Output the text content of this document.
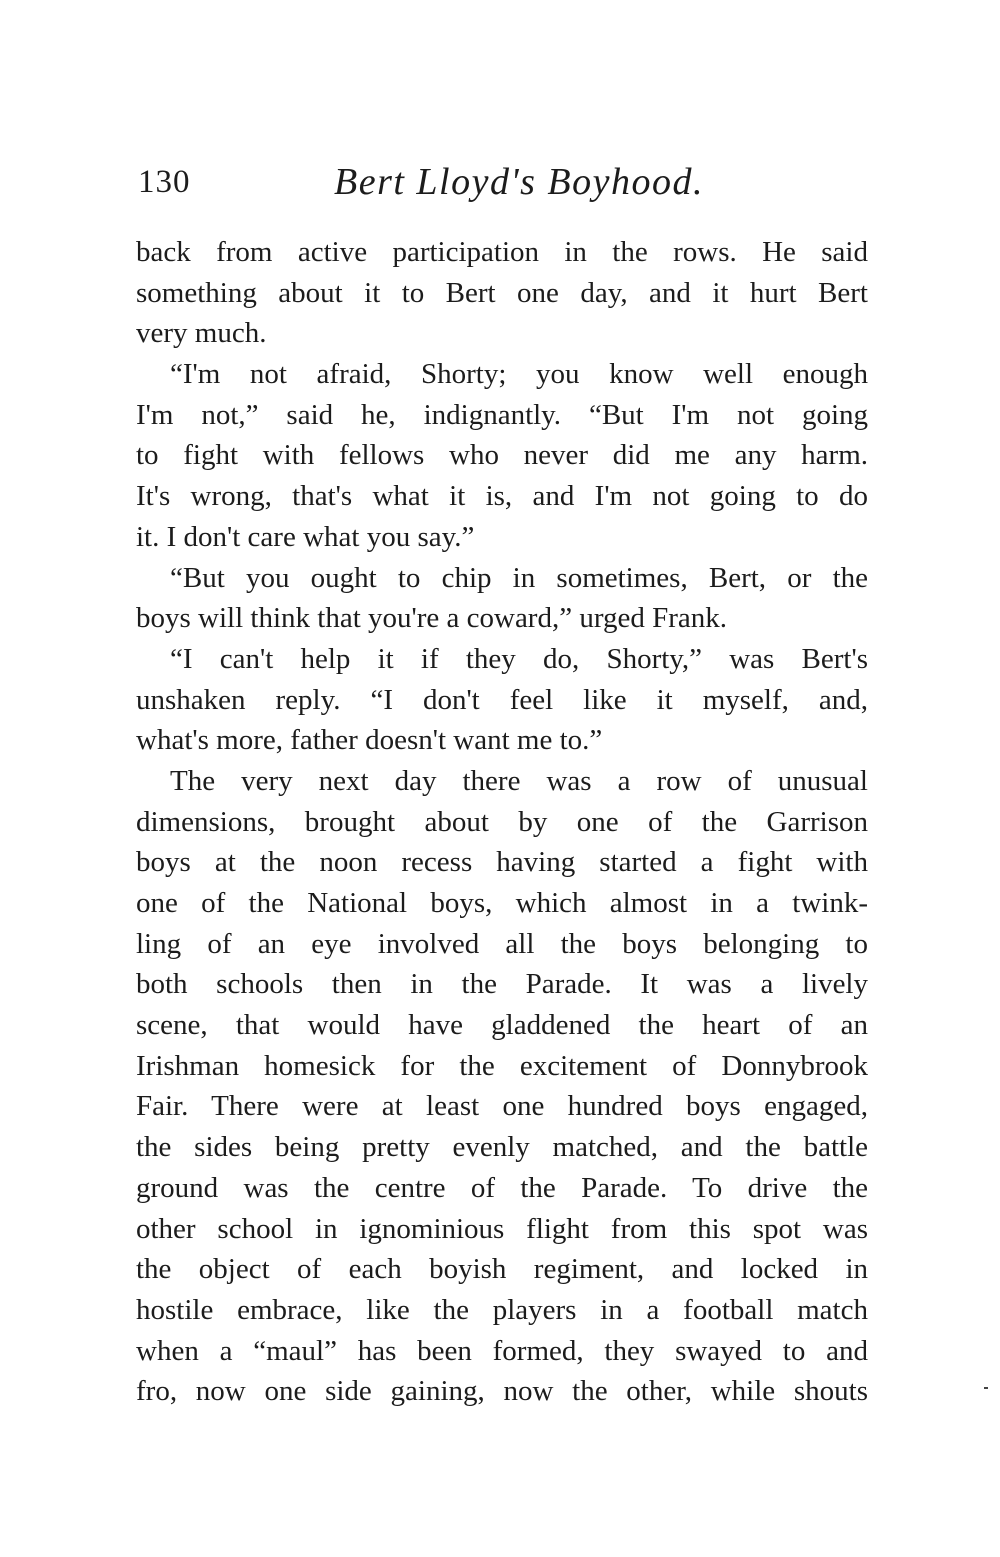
130	Bert Lloyd's Boyhood.
back from active participation in the rows. He said
something about it to Bert one day, and it hurt Bert
very much.
“I'm not afraid, Shorty; you know well enough
I'm not,” said he, indignantly. “But I'm not going
to fight with fellows who never did me any harm.
It's wrong, that's what it is, and I'm not going to do
it. I don't care what you say.”
“But you ought to chip in sometimes, Bert, or the
boys will think that you're a coward,” urged Frank.
“I can't help it if they do, Shorty,” was Bert's
unshaken reply. “I don't feel like it myself, and,
what's more, father doesn't want me to.”
The very next day there was a row of unusual
dimensions, brought about by one of the Garrison
boys at the noon recess having started a fight with
one of the National boys, which almost in a twink-
ling of an eye involved all the boys belonging to
both schools then in the Parade. It was a lively
scene, that would have gladdened the heart of an
Irishman homesick for the excitement of Donnybrook
Fair. There were at least one hundred boys engaged,
the sides being pretty evenly matched, and the battle
ground was the centre of the Parade. To drive the
other school in ignominious flight from this spot was
the object of each boyish regiment, and locked in
hostile embrace, like the players in a football match
when a “maul” has been formed, they swayed to and
fro, now one side gaining, now the other, while shouts
